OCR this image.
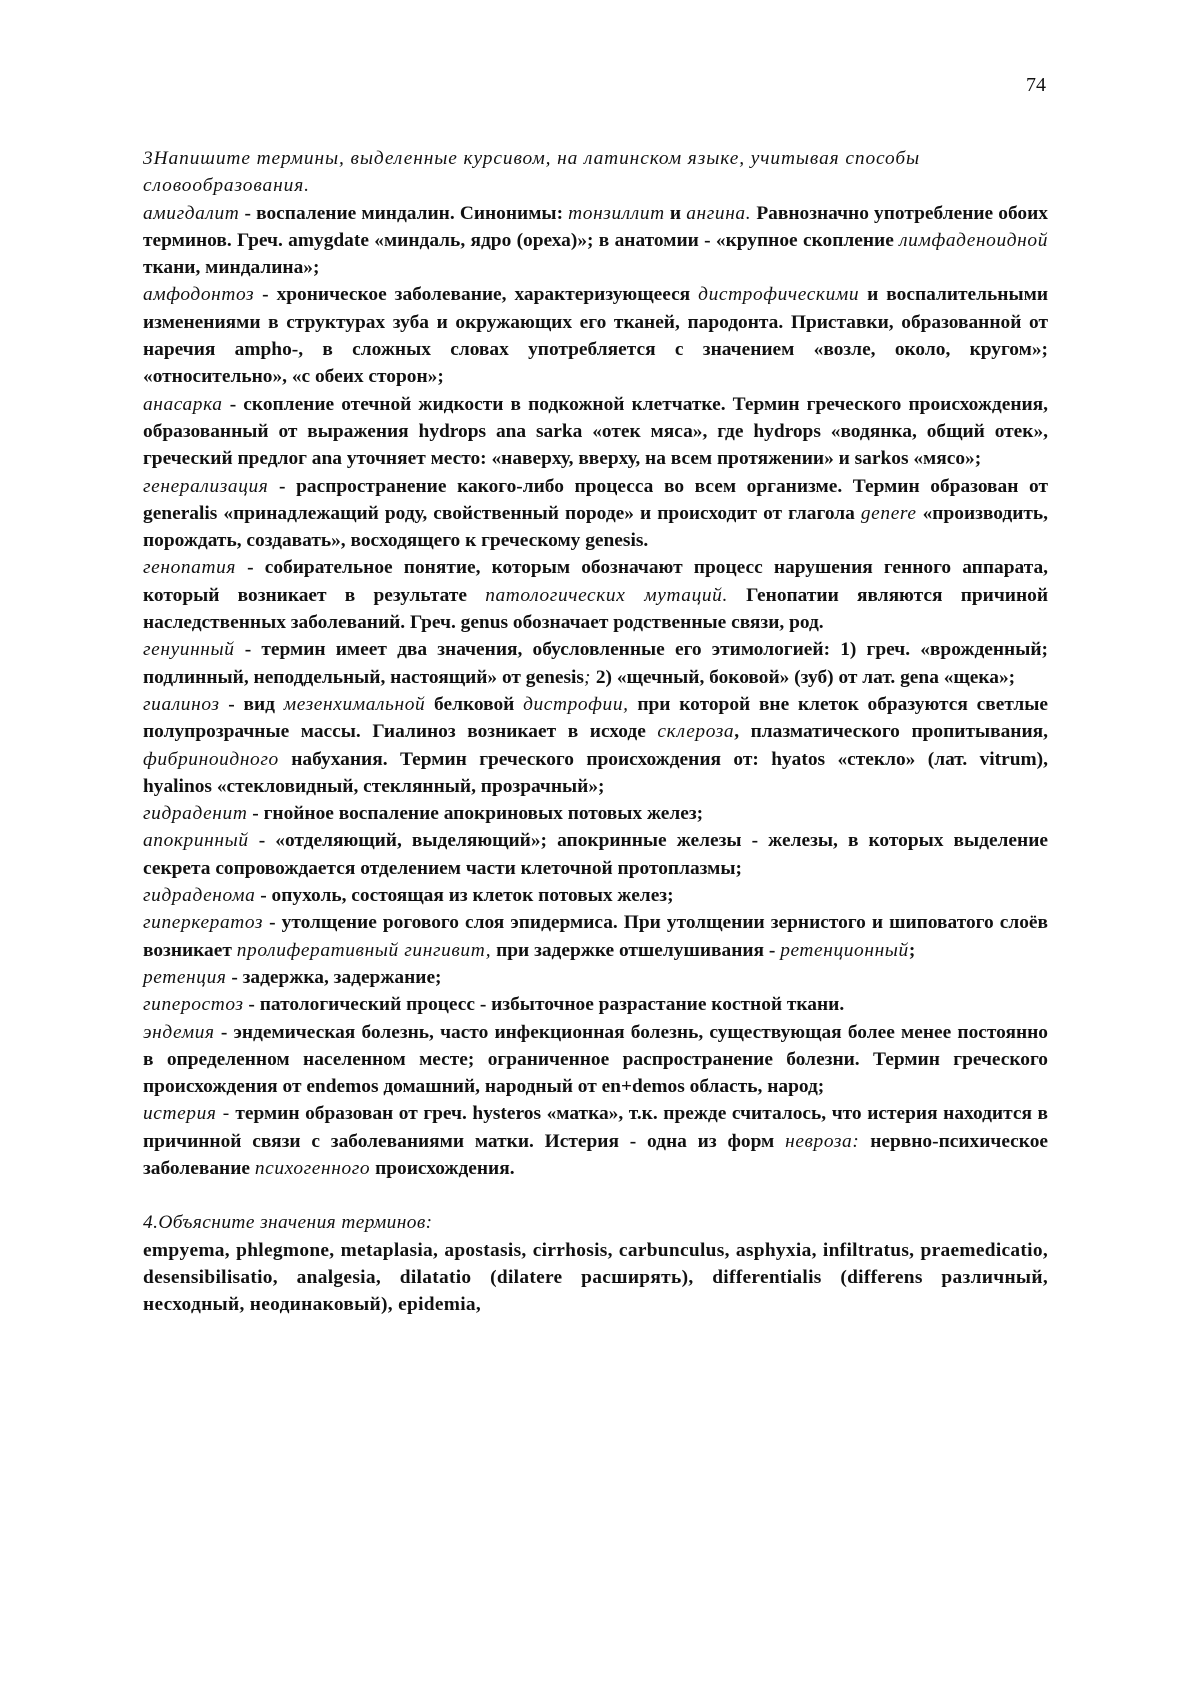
74

3Напишите термины, выделенные курсивом, на латинском языке, учитывая способы словообразования.

амигдалит - воспаление миндалин. Синонимы: тонзиллит и ангина. Равнозначно употребление обоих терминов. Греч. amygdate «миндаль, ядро (ореха)»; в анатомии - «крупное скопление лимфаденоидной ткани, миндалина»;

амфодонтоз - хроническое заболевание, характеризующееся дистрофическими и воспалительными изменениями в структурах зуба и окружающих его тканей, пародонта. Приставки, образованной от наречия ampho-, в сложных словах употребляется с значением «возле, около, кругом»; «относительно», «с обеих сторон»;

анасарка - скопление отечной жидкости в подкожной клетчатке. Термин греческого происхождения, образованный от выражения hydrops ana sarka «отек мяса», где hydrops «водянка, общий отек», греческий предлог ana уточняет место: «наверху, вверху, на всем протяжении» и sarkos «мясо»;

генерализация - распространение какого-либо процесса во всем организме. Термин образован от generalis «принадлежащий роду, свойственный породе» и происходит от глагола genere «производить, порождать, создавать», восходящего к греческому genesis.

генопатия - собирательное понятие, которым обозначают процесс нарушения генного аппарата, который возникает в результате патологических мутаций. Генопатии являются причиной наследственных заболеваний. Греч. genus обозначает родственные связи, род.

генуинный - термин имеет два значения, обусловленные его этимологией: 1) греч. «врожденный; подлинный, неподдельный, настоящий» от genesis; 2) «щечный, боковой» (зуб) от лат. gena «щека»;

гиалиноз - вид мезенхимальной белковой дистрофии, при которой вне клеток образуются светлые полупрозрачные массы. Гиалиноз возникает в исходе склероза, плазматического пропитывания, фибриноидного набухания. Термин греческого происхождения от: hyatos «стекло» (лат. vitrum), hyalinos «стекловидный, стеклянный, прозрачный»;

гидраденит - гнойное воспаление апокриновых потовых желез;

апокринный - «отделяющий, выделяющий»; апокринные железы - железы, в которых выделение секрета сопровождается отделением части клеточной протоплазмы;

гидраденома - опухоль, состоящая из клеток потовых желез;

гиперкератоз - утолщение рогового слоя эпидермиса. При утолщении зернистого и шиповатого слоёв возникает пролиферативный гингивит, при задержке отшелушивания - ретенционный;

ретенция - задержка, задержание;

гиперостоз - патологический процесс - избыточное разрастание костной ткани.

эндемия - эндемическая болезнь, часто инфекционная болезнь, существующая более менее постоянно в определенном населенном месте; ограниченное распространение болезни. Термин греческого происхождения от endemos домашний, народный от en+demos область, народ;

истерия - термин образован от греч. hysteros «матка», т.к. прежде считалось, что истерия находится в причинной связи с заболеваниями матки. Истерия - одна из форм невроза: нервно-психическое заболевание психогенного происхождения.

4.Объясните значения терминов:

empyema, phlegmone, metaplasia, apostasis, cirrhosis, carbunculus, asphyxia, infiltratus, praemedicatio, desensibilisatio, analgesia, dilatatio (dilatere расширять), differentialis (differens различный, несходный, неодинаковый), epidemia,
